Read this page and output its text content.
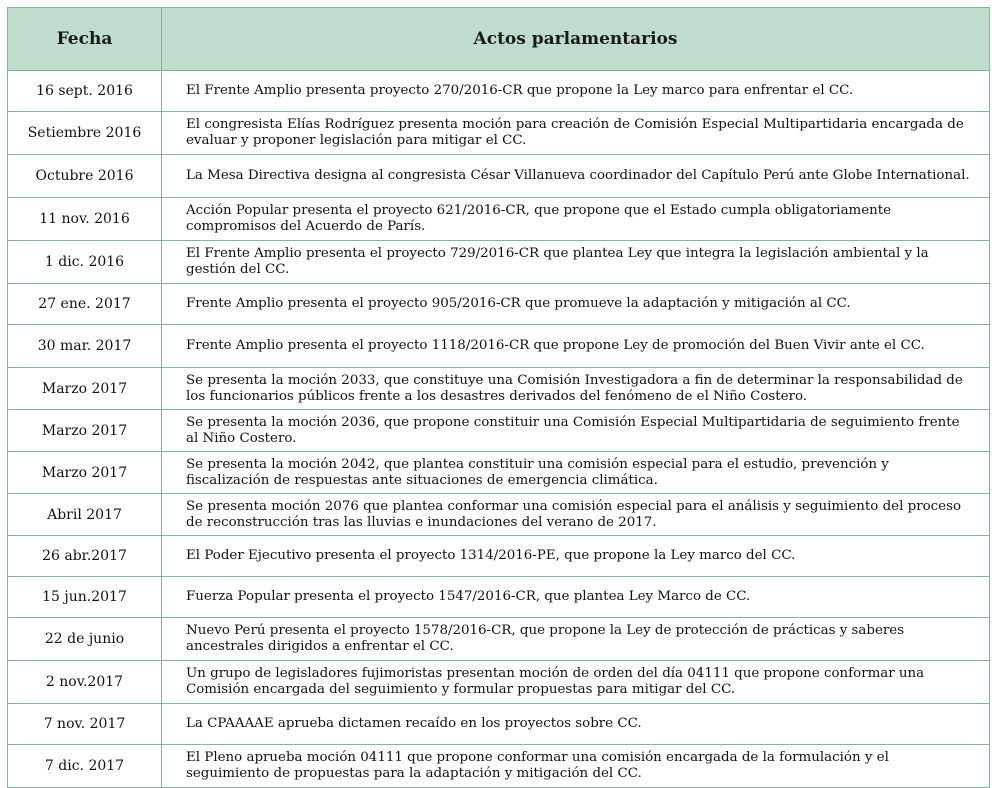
Fecha	Actos parlamentarios
16 sept. 2016	El Frente Amplio presenta proyecto 270/2016-CR que propone la Ley marco para enfrentar el CC.
Setiembre 2016	El congresista Elías Rodríguez presenta moción para creación de Comisión Especial Multipartidaria encargada de evaluar y proponer legislación para mitigar el CC.
Octubre 2016	La Mesa Directiva designa al congresista César Villanueva coordinador del Capítulo Perú ante Globe International.
11 nov. 2016	Acción Popular presenta el proyecto 621/2016-CR, que propone que el Estado cumpla obligatoriamente compromisos del Acuerdo de París.
1 dic. 2016	El Frente Amplio presenta el proyecto 729/2016-CR que plantea Ley que integra la legislación ambiental y la gestión del CC.
27 ene. 2017	Frente Amplio presenta el proyecto 905/2016-CR que promueve la adaptación y mitigación al CC.
30 mar. 2017	Frente Amplio presenta el proyecto 1118/2016-CR que propone Ley de promoción del Buen Vivir ante el CC.
Marzo 2017	Se presenta la moción 2033, que constituye una Comisión Investigadora a fin de determinar la responsabilidad de los funcionarios públicos frente a los desastres derivados del fenómeno de el Niño Costero.
Marzo 2017	Se presenta la moción 2036, que propone constituir una Comisión Especial Multipartidaria de seguimiento frente al Niño Costero.
Marzo 2017	Se presenta la moción 2042, que plantea constituir una comisión especial para el estudio, prevención y fiscalización de respuestas ante situaciones de emergencia climática.
Abril 2017	Se presenta moción 2076 que plantea conformar una comisión especial para el análisis y seguimiento del proceso de reconstrucción tras las lluvias e inundaciones del verano de 2017.
26 abr.2017	El Poder Ejecutivo presenta el proyecto 1314/2016-PE, que propone la Ley marco del CC.
15 jun.2017	Fuerza Popular presenta el proyecto 1547/2016-CR, que plantea Ley Marco de CC.
22 de junio	Nuevo Perú presenta el proyecto 1578/2016-CR, que propone la Ley de protección de prácticas y saberes ancestrales dirigidos a enfrentar el CC.
2 nov.2017	Un grupo de legisladores fujimoristas presentan moción de orden del día 04111 que propone conformar una Comisión encargada del seguimiento y formular propuestas para mitigar del CC.
7 nov. 2017	La CPAAAAE aprueba dictamen recaído en los proyectos sobre CC.
7 dic. 2017	El Pleno aprueba moción 04111 que propone conformar una comisión encargada de la formulación y el seguimiento de propuestas para la adaptación y mitigación del CC.
